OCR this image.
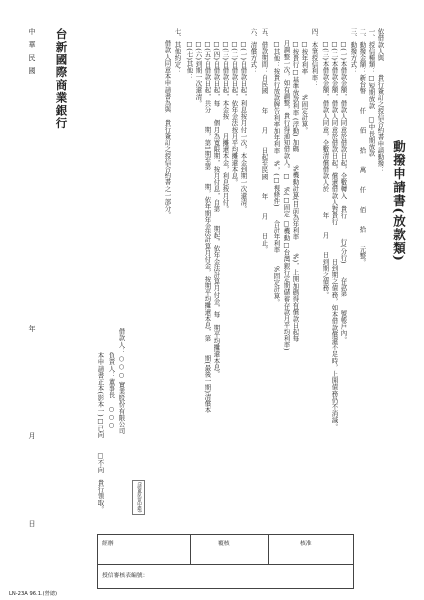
動撥申請書(放款類)
依借款人與　　貴行簽訂之授信合約書申請動撥：
一、授信種類：□短期放款　□中長期放款
二、動撥金額：新台幣　　仟　　佰　　拾　　萬　　仟　　佰　　拾　　元整。
三、動撥方式：
□(一)本借款金額，借款人同意於借款日起，全數轉入　貴行　　　行(分行)　　存款第　　號帳戶內。
□(二)本借款金額，借款人同意於借款日起，償還借款人對貴行　　　　　日到期之債務，如本借款償還不足時，上開債務仍不消滅。
□(三)本借款金額，借款人同意，全數清償借款人於　　　年　　月　　日到期之債務。
四、本筆授信利率：
□按年利率　　　%固定計算。
□按貴行□基準放款利率 (浮動) 加碼　　%機動計算(目前為年利率　　%)，上開加碼得有償款日起每
月調整一次，如有調整，貴行得通知借款人。□　%(□固定 □機動□台灣銀行定期儲蓄存款月平均利率)
□其他：按貴行放款牌告利率加年利率　%，(□視條件)　　合計年利率　　%固定計算。
五、借款期間：自民國　　年　　月　　日起至民國　　年　　月　　日止。
六、清償方式：
□(一)自借款日起，利息按月付一次，本金到期一次還清。
□(二)自借款日起，依年金法按月平均攤還本息。
□(三)自借款日起，本金按　　月攤還本金，利息按月付。
□(四)自借款日起，每　　個月為寬限期，按月付息，自第　　期起，依年金法計算月付金，每　期平均攤還本息。
□(五)自借款日起，共分　　期，第1期至第　　期，依年期年金法計算月付金，按期平均攤還本息，第　　期(最後一期)清償本
□(六)到期一次還清。
□(七)其他：
七、其他約定：
借款人同意本申請書為與　貴行簽訂之授信合約書之一部分。
借款人：○○○ 實業股份有限公司
負責人：董事長　○○○
本申請書正本(影本一)□已向　　□不向　貴行領取。	(請蓋原留印鑑)
台新國際商業銀行
中華民國
年
月
日
經辦	覆核	核准
授信審核表編號：
LN-23A 96.1.(營總)
